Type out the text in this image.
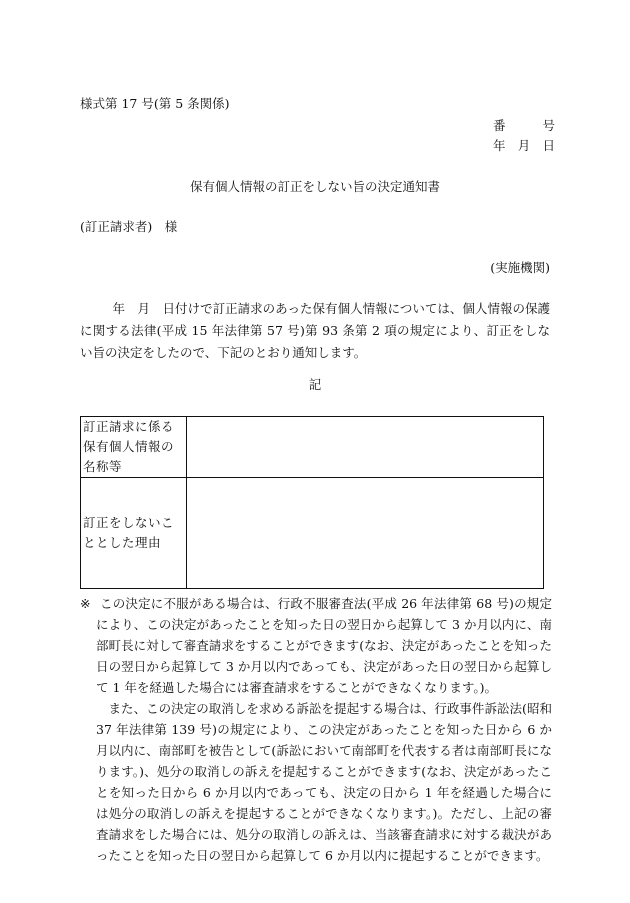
様式第 17 号(第 5 条関係)
番	号
年 月 日
保有個人情報の訂正をしない旨の決定通知書
(訂正請求者)　様
(実施機関)
年　月　日付けで訂正請求のあった保有個人情報については、個人情報の保護に関する法律(平成 15 年法律第 57 号)第 93 条第 2 項の規定により、訂正をしない旨の決定をしたので、下記のとおり通知します。
記
訂正請求に係る保有個人情報の名称等	
訂正をしないこととした理由	
※ この決定に不服がある場合は、行政不服審査法(平成 26 年法律第 68 号)の規定により、この決定があったことを知った日の翌日から起算して 3 か月以内に、南部町長に対して審査請求をすることができます(なお、決定があったことを知った日の翌日から起算して 3 か月以内であっても、決定があった日の翌日から起算して 1 年を経過した場合には審査請求をすることができなくなります。)。

また、この決定の取消しを求める訴訟を提起する場合は、行政事件訴訟法(昭和 37 年法律第 139 号)の規定により、この決定があったことを知った日から 6 か月以内に、南部町を被告として(訴訟において南部町を代表する者は南部町長になります。)、処分の取消しの訴えを提起することができます(なお、決定があったことを知った日から 6 か月以内であっても、決定の日から 1 年を経過した場合には処分の取消しの訴えを提起することができなくなります。)。ただし、上記の審査請求をした場合には、処分の取消しの訴えは、当該審査請求に対する裁決があったことを知った日の翌日から起算して 6 か月以内に提起することができます。
